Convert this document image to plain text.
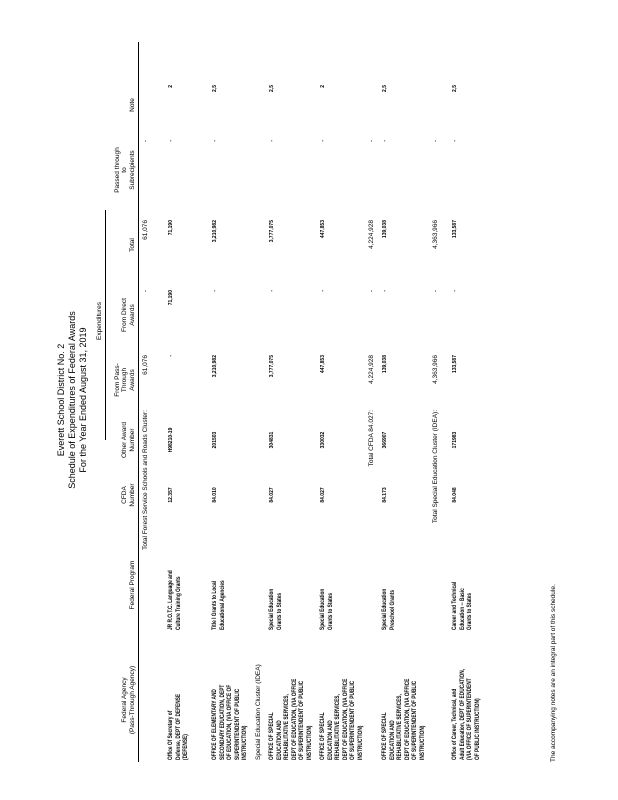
Everett School District No. 2 Schedule of Expenditures of Federal Awards For the Year Ended August 31, 2019
Expenditures
Federal Agency
(Pass-Through Agency)
Federal Program
CFDA
Number
Other Award
Number
From Pass-
Through
Awards
From Direct
Awards
Total
Passed through
to
Subrecipients
Note
Total Forest Service Schools and Roads Cluster:
61,076
-
61,076
-
Office Of Secretary of
Defense, DEPT OF DEFENSE
(DEFENSE)
JR R.O.T.C. Language and
Culture Training Grants
12.357
H98210-19
-
71,190
71,190
-
2
OFFICE OF ELEMENTARY AND
SECONDARY EDUCATION, DEPT
OF EDUCATION, (VIA OFFICE OF
SUPERINTENDENT OF PUBLIC
INSTRUCTION)
Title I Grants to Local
Educational Agencies
84.010
201503
3,210,982
-
3,210,982
-
2,5
Special Education Cluster (IDEA) OFFICE OF SPECIAL
EDUCATION AND
REHABILITATIVE SERVICES,
DEPT OF EDUCATION, (VIA OFFICE
OF SUPERINTENDENT OF PUBLIC
INSTRUCTION)
Special Education
Grants to States
84.027
304831
3,777,075
-
3,777,075
-
2,5
OFFICE OF SPECIAL
EDUCATION AND
REHABILITATIVE SERVICES,
DEPT OF EDUCATION, (VIA OFFICE
OF SUPERINTENDENT OF PUBLIC
INSTRUCTION)
Special Education
Grants to States
84.027
330032
447,853
-
447,853
-
2
Total CFDA 84.027:
4,224,928
-
4,224,928
-
OFFICE OF SPECIAL
EDUCATION AND
REHABILITATIVE SERVICES,
DEPT OF EDUCATION, (VIA OFFICE
OF SUPERINTENDENT OF PUBLIC
INSTRUCTION)
Special Education
Preschool Grants
84.173
366907
139,038
-
139,038
-
2,5
Total Special Education Cluster (IDEA):
4,363,966
-
4,363,966
-
Office of Career, Technical, and
Adult Education, DEPT OF EDUCATION,
(VIA OFFICE OF SUPERINTENDENT
OF PUBLIC INSTRUCTION)
Career and Technical
Education -- Basic
Grants to States
84.048
171983
133,587
-
133,587
-
2,5
The accompanying notes are an integral part of this schedule.
